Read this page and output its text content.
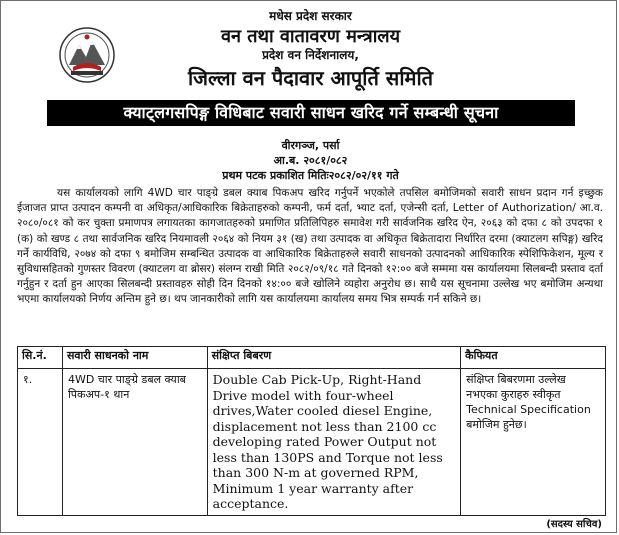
मधेस प्रदेश सरकार
वन तथा वातावरण मन्त्रालय
प्रदेश वन निर्देशनालय,
जिल्ला वन पैदावार आपूर्ति समिति
क्याट्लगसपिङ्ग विधिबाट सवारी साधन खरिद गर्ने सम्बन्धी सूचना
वीरगञ्ज, पर्सा
आ.ब. २०८१/०८२
प्रथम पटक प्रकाशित मितिः२०८२/०२/११ गते

यस कार्यालयको लागि 4WD चार पाङ्ग्रे डबल क्याब पिकअप खरिद गर्नुपर्ने भएकोले तपसिल बमोजिमको सवारी साधन प्रदान गर्न इच्छुक ईजाजत प्राप्त उत्पादन कम्पनी वा अधिकृत/आधिकारिक बिक्रेताहरुको कम्पनी, फर्म दर्ता, भ्याट दर्ता, एजेन्सी दर्ता, Letter of Authorization/ आ.व. २०८०/०८१ को कर चुक्ता प्रमाणपत्र लगायतका कागजातहरुको प्रमाणित प्रतिलिपिहरु समावेश गरी सार्वजनिक खरिद ऐन, २०६३ को दफा ८ को उपदफा १ (क) को खण्ड ८ तथा सार्वजनिक खरिद नियमावली २०६४ को नियम ३१ (ख) तथा उत्पादक वा अधिकृत बिक्रेतादारा निर्धारित दरमा (क्याटलग सपिङ्ग) खरिद गर्ने कार्यविधि, २०७४ को दफा ९ बमोजिम सम्बन्धित उत्पादक वा आधिकारिक बिक्रेताहरुले सवारी साधनको उत्पादनको आधिकारिक स्पेशिफिकेशन, मूल्य र सुविधासहितको गुणस्तर विवरण (क्याटलग वा ब्रोसर) संलग्न राखी मिति २०८२/०९/१८ गते दिनको १२:०० बजे सम्ममा यस कार्यालयमा सिलबन्दी प्रस्ताव दर्ता गर्नुहुन र दर्ता हुन आएका सिलबन्दी प्रस्तावहरु सोही दिन दिनको १४:०० बजे खोलिने व्यहोरा अनुरोध छ। साथै यस सूचनामा उल्लेख भए बमोजिम अन्यथा भएमा कार्यालयको निर्णय अन्तिम हुने छ। थप जानकारीको लागि यस कार्यालयमा कार्यालय समय भित्र सम्पर्क गर्न सकिने छ।

सि.नं.	सवारी साधनको नाम	संक्षिप्त बिबरण	कैफियत
१.	4WD चार पाङ्ग्रे डबल क्याब पिकअप-१ थान	Double Cab Pick-Up, Right-Hand Drive model with four-wheel drives,Water cooled diesel Engine, displacement not less than 2100 cc developing rated Power Output not less than 130PS and Torque not less than 300 N-m at governed RPM, Minimum 1 year warranty after acceptance.	संक्षिप्त बिबरणमा उल्लेख नभएका कुराहरु स्वीकृत Technical Specification बमोजिम हुनेछ।
(सदस्य सचिव)
